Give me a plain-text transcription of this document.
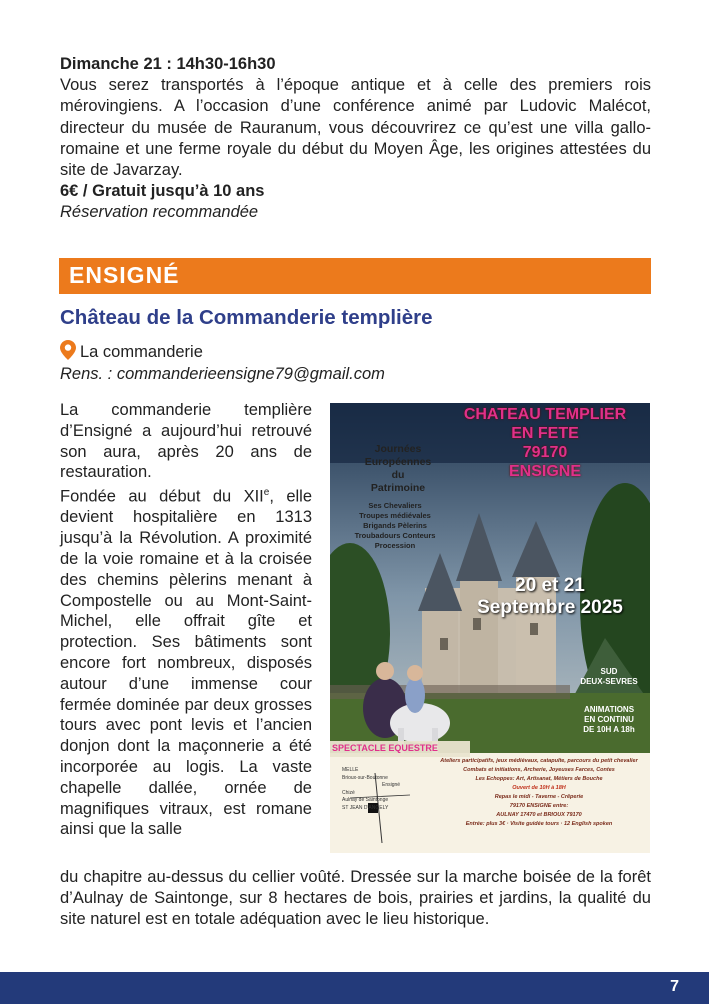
Dimanche 21 : 14h30-16h30

Vous serez transportés à l’époque antique et à celle des premiers rois mérovingiens. A l’occasion d’une conférence animé par Ludovic Malécot, directeur du musée de Rauranum, vous découvrirez ce qu’est une villa gallo-romaine et une ferme royale du début du Moyen Âge, les origines attestées du site de Javarzay.

6€ / Gratuit jusqu’à 10 ans

Réservation recommandée

ENSIGNÉ
Château de la Commanderie templière
La commanderie
Rens. : commanderieensigne79@gmail.com

La commanderie templière d’Ensigné a aujourd’hui retrouvé son aura, après 20 ans de restauration.

Fondée au début du XIIe, elle devient hospitalière en 1313 jusqu’à la Révolution. A proximité de la voie romaine et à la croisée des chemins pèlerins menant à Compostelle ou au Mont-Saint-Michel, elle offrait gîte et protection. Ses bâtiments sont encore fort nombreux, disposés autour d’une immense cour fermée dominée par deux grosses tours avec pont levis et l’ancien donjon dont la maçonnerie a été incorporée au logis. La vaste chapelle dallée, ornée de magnifiques vitraux, est romane ainsi que la salle

du chapitre au-dessus du cellier voûté. Dressée sur la marche boisée de la forêt d’Aulnay de Saintonge, sur 8 hectares de bois, prairies et jardins, la qualité du site naturel est en totale adéquation avec le lieu historique.

CHATEAU TEMPLIER
EN FETE
79170
ENSIGNE
Journées
Européennes
du
Patrimoine
Ses Chevaliers
Troupes médiévales
Brigands Pèlerins
Troubadours Conteurs
Procession
20 et 21
Septembre 2025
SUD
DEUX-SEVRES
ANIMATIONS
EN CONTINU
DE 10H A 18h
SPECTACLE EQUESTRE
Ateliers participatifs, jeux médiévaux, catapulte, parcours du petit chevalier
Combats et initiations, Archerie, Joyeuses Farces, Contes
Les Echoppes: Art, Artisanat, Métiers de Bouche
Ouvert de 10H à 18H
Repas le midi - Taverne - Crêperie
79170 ENSIGNE entre:
AULNAY 17470 et BRIOUX 79170
Entrée: plus 3€ · Visite guidée tours · 12 English spoken
MELLE
Brioux-sur-Boutonne
Ensigné
Chizé
Aulnay de Saintonge
ST JEAN D'ANGELY
7
